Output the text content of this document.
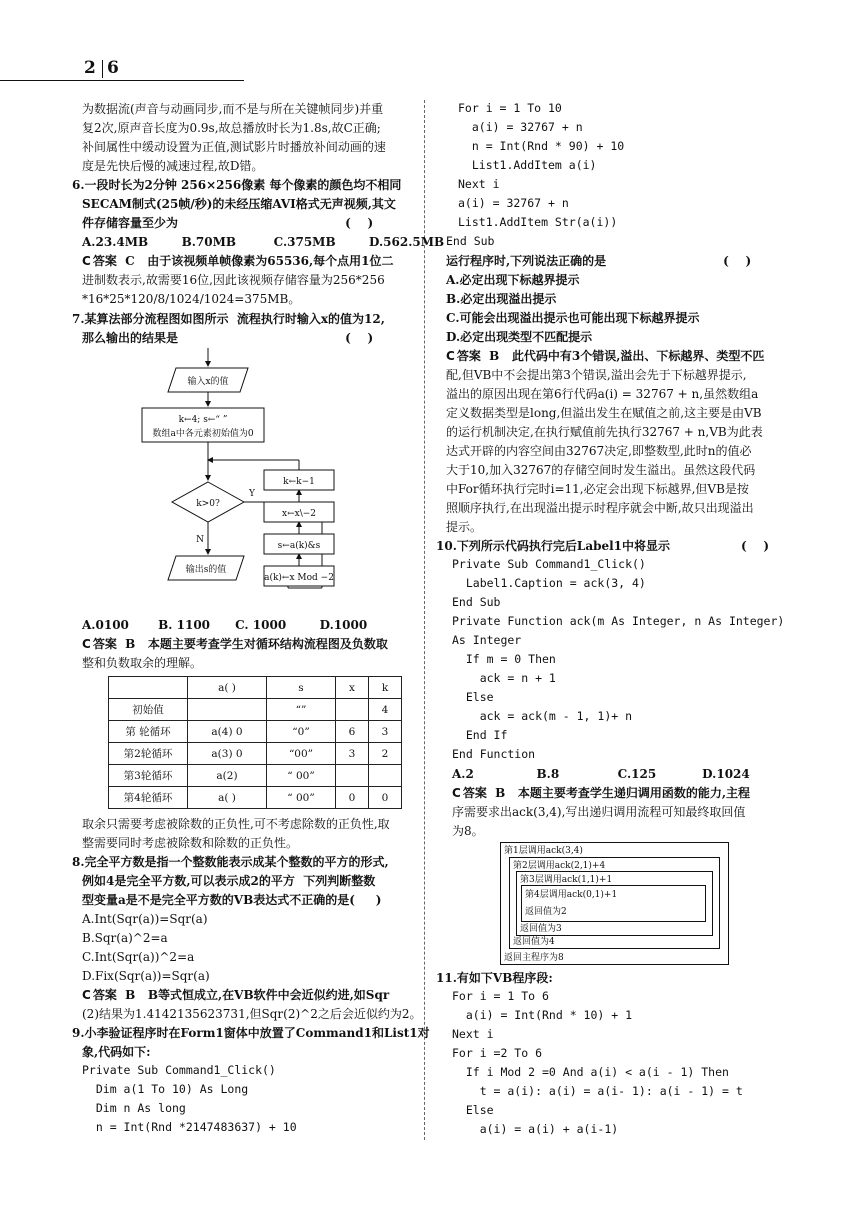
2 6
为数据流(声音与动画同步,而不是与所在关键帧同步)并重
复2次,原声音长度为0.9s,故总播放时长为1.8s,故C正确;
补间属性中缓动设置为正值,测试影片时播放补间动画的速
度是先快后慢的减速过程,故D错。
6.一段时长为2分钟 256×256像素 每个像素的颜色均不相同
SECAM制式(25帧/秒)的未经压缩AVI格式无声视频,其文
件存储容量至少为                                        (    )
A.23.4MB        B.70MB         C.375MB        D.562.5MB
C 答案  C   由于该视频单帧像素为65536,每个点用1位二
进制数表示,故需要16位,因此该视频存储容量为256*256
*16*25*120/8/1024/1024=375MB。
7.某算法部分流程图如图所示  流程执行时输入x的值为12,
那么输出的结果是                                        (    )
A.0100       B. 1100      C. 1000        D.1000
C 答案  B   本题主要考查学生对循环结构流程图及负数取
整和负数取余的理解。
取余只需要考虑被除数的正负性,可不考虑除数的正负性,取
整需要同时考虑被除数和除数的正负性。
8.完全平方数是指一个整数能表示成某个整数的平方的形式,
例如4是完全平方数,可以表示成2的平方  下列判断整数
型变量a是不是完全平方数的VB表达式不正确的是(     )
A.Int(Sqr(a))=Sqr(a)
B.Sqr(a)^2=a
C.Int(Sqr(a))^2=a
D.Fix(Sqr(a))=Sqr(a)
C 答案  B   B等式恒成立,在VB软件中会近似约进,如Sqr
(2)结果为1.4142135623731,但Sqr(2)^2之后会近似约为2。
9.小李验证程序时在Form1窗体中放置了Command1和List1对
象,代码如下:
Private Sub Command1_Click()
Dim a(1 To 10) As Long
Dim n As long
n = Int(Rnd *2147483637) + 10
For i = 1 To 10
a(i) = 32767 + n
n = Int(Rnd * 90) + 10
List1.AddItem a(i)
Next i
a(i) = 32767 + n
List1.AddItem Str(a(i))
End Sub
运行程序时,下列说法正确的是                            (    )
A.必定出现下标越界提示
B.必定出现溢出提示
C.可能会出现溢出提示也可能出现下标越界提示
D.必定出现类型不匹配提示
C 答案  B   此代码中有3个错误,溢出、下标越界、类型不匹
配,但VB中不会提出第3个错误,溢出会先于下标越界提示,
溢出的原因出现在第6行代码a(i) = 32767 + n,虽然数组a
定义数据类型是long,但溢出发生在赋值之前,这主要是由VB
的运行机制决定,在执行赋值前先执行32767 + n,VB为此表
达式开辟的内容空间由32767决定,即整数型,此时n的值必
大于10,加入32767的存储空间时发生溢出。虽然这段代码
中For循环执行完时i=11,必定会出现下标越界,但VB是按
照顺序执行,在出现溢出提示时程序就会中断,故只出现溢出
提示。
10.下列所示代码执行完后Label1中将显示                 (    )
Private Sub Command1_Click()
Label1.Caption = ack(3, 4)
End Sub
Private Function ack(m As Integer, n As Integer)
As Integer
If m = 0 Then
ack = n + 1
Else
ack = ack(m - 1, 1)+ n
End If
End Function
A.2               B.8              C.125           D.1024
C 答案  B   本题主要考查学生递归调用函数的能力,主程
序需要求出ack(3,4),写出递归调用流程可知最终取回值
为8。
11.有如下VB程序段:
For i = 1 To 6
a(i) = Int(Rnd * 10) + 1
Next i
For i =2 To 6
If i Mod 2 =0 And a(i) < a(i - 1) Then
t = a(i): a(i) = a(i- 1): a(i - 1) = t
Else
a(i) = a(i) + a(i-1)
输入x的值
k←4; s←“ ”
数组a中各元素初始值为0
k>0?
Y
N
输出s的值
k←k−1
x←x\−2
s←a(k)&s
a(k)←x Mod −2
	a( )	s	x	k
初始值		“”		4
第 轮循环	a(4) 0	“0”	6	3
第2轮循环	a(3) 0	“00”	3	2
第3轮循环	a(2)	“ 00”		
第4轮循环	a( )	“ 00”	0	0
第1层调用ack(3,4)
第2层调用ack(2,1)+4
第3层调用ack(1,1)+1
第4层调用ack(0,1)+1
返回值为2
返回值为3
返回值为4
返回主程序为8
